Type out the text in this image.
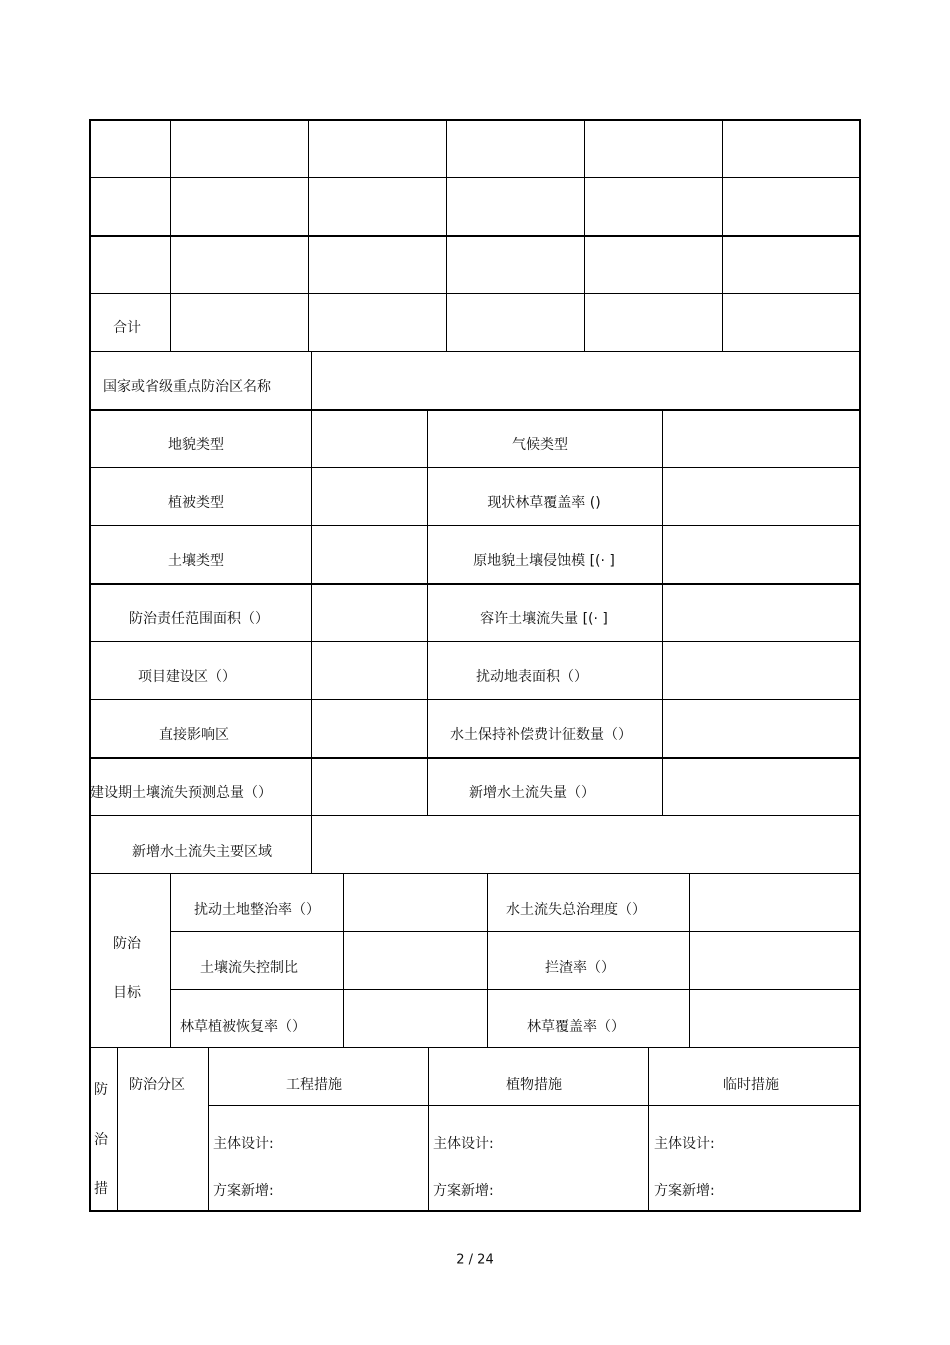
合计
国家或省级重点防治区名称
地貌类型	气候类型
植被类型	现状林草覆盖率 ()
土壤类型	原地貌土壤侵蚀模 [(· ]
防治责任范围面积（）	容许土壤流失量 [(· ]
项目建设区（）	扰动地表面积（）
直接影响区	水土保持补偿费计征数量（）
建设期土壤流失预测总量（）	新增水土流失量（）
新增水土流失主要区域
防治
目标
扰动土地整治率（）	水土流失总治理度（）
土壤流失控制比	拦渣率（）
林草植被恢复率（）	林草覆盖率（）
防
治
措
防治分区	工程措施	植物措施	临时措施
主体设计:	主体设计:	主体设计:
方案新增:	方案新增:	方案新增:
2 / 24
